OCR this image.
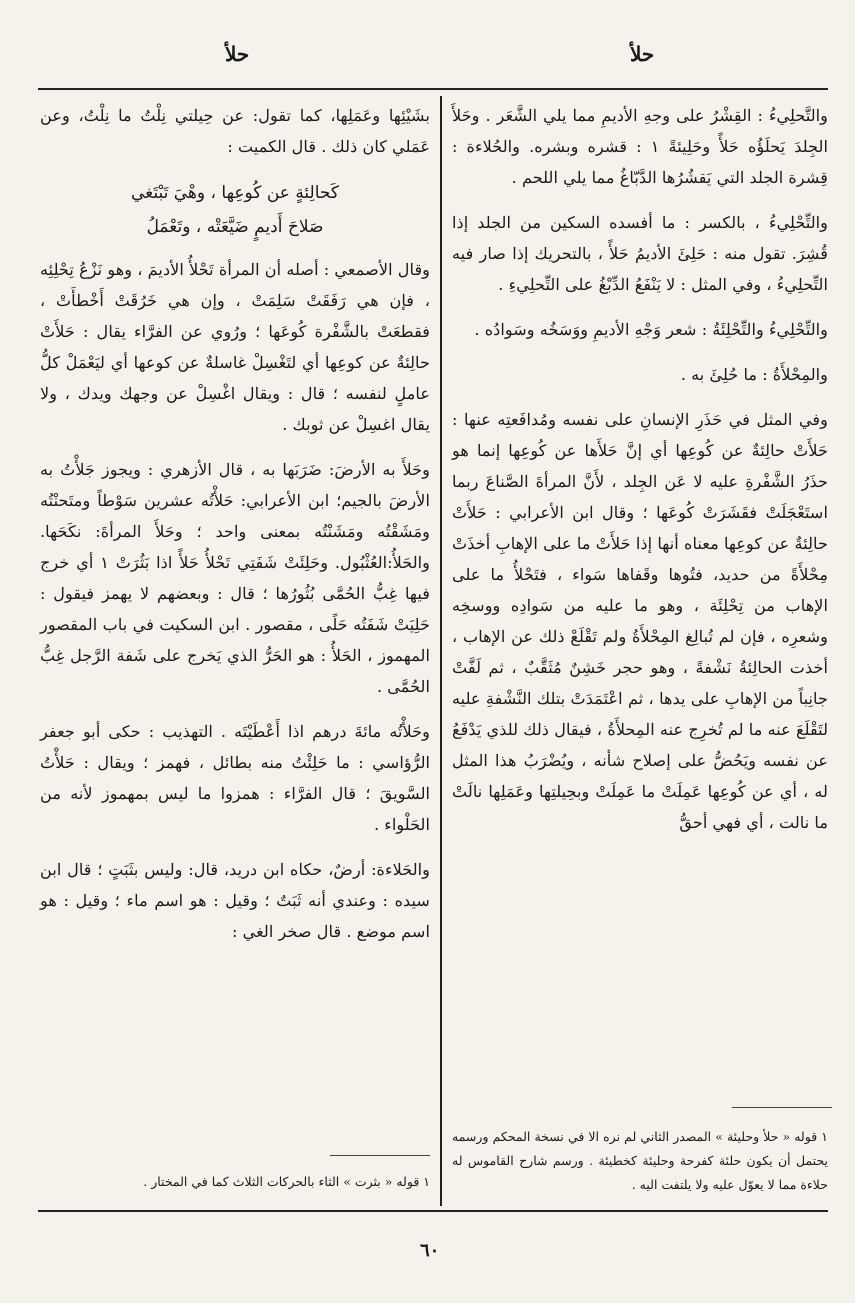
حلأ
حلأ

والتَّحلِيءُ : القِشْرُ على وجهِ الأديمِ مما يلي الشَّعَر . وحَلأَ الجِلدَ يَحلَؤُه حَلأً وحَلِيئةً ١ : قشره وبشره. والحُلاءة : قِشرة الجلد التي يَقشُرُها الدَّبّاغُ مما يلي اللحم .

والتِّحْلِيءُ ، بالكسر : ما أفسده السكين من الجلد إذا قُشِرَ. تقول منه : حَلِئَ الأديمُ حَلأً ، بالتحريك إذا صار فيه التِّحلِيءُ ، وفي المثل : لا يَنْفَعُ الدِّبْغُ على التِّحلِيءِ .

والتِّحْلِيءُ والتِّحْلِئَةُ : شعر وَجْهِ الأديمِ ووَسَخُه وسَوادُه .

والمِحْلأَةُ : ما حُلِئَ به .

وفي المثل في حَذَرِ الإنسانِ على نفسه ومُدافَعتِه عنها : حَلأَتْ حالِئةٌ عن كُوعِها أي إنَّ حَلأَها عن كُوعِها إنما هو حذَرُ الشَّفْرةِ عليه لا عَن الجِلد ، لأَنَّ المرأةَ الصَّناعَ ربما استَعْجَلَتْ فقَشَرَتْ كُوعَها ؛ وقال ابن الأعرابي : حَلأَتْ حالِئةٌ عن كوعِها معناه أنها إذا حَلأَتْ ما على الإهابِ أخذَتْ مِحْلأَةً من حديد، فتُوها وقَفاها سَواء ، فتَحْلأُ ما على الإهاب من تِحْلِئَة ، وهو ما عليه من سَوادِه ووسخِه وشعرِه ، فإن لم تُبالِغ المِحْلأَةُ ولم تَقْلَعْ ذلك عن الإهاب ، أخذت الحالِئةُ نَشْفةً ، وهو حجر خَشِنٌ مُثَقَّبٌ ، ثم لَفَّتْ جانِباً من الإهابِ على يدها ، ثم اعْتَمَدَتْ بتلك النَّشْفةِ عليه لتَقْلَعَ عنه ما لم تُخرِج عنه المِحلأَةُ ، فيقال ذلك للذي يَدْفَعُ عن نفسه ويَحُضُّ على إصلاح شأنه ، ويُضْرَبُ هذا المثل له ، أي عن كُوعِها عَمِلَتْ ما عَمِلَتْ وبحِيلتِها وعَمَلِها نالَتْ ما نالت ، أي فهي أحقُّ

بشَيْئِها وعَمَلِها، كما تقول: عن حِيلتي نِلْتُ ما نِلْتُ، وعن عَمَلي كان ذلك . قال الكميت :

كَحالِئةٍ عن كُوعِها ، وهْيَ تَبْتَغي
صَلاحَ أَديمٍ ضَيَّعَتْه ، وتَعْمَلُ

وقال الأصمعي : أصله أن المرأة تَحْلأُ الأديمَ ، وهو نَزْعُ تِحْلِئِه ، فإن هي رَفَقَتْ سَلِمَتْ ، وإن هي خَرُقَتْ أَخْطأَتْ ، فقطعَتْ بالشَّفْرة كُوعَها ؛ ورُوي عن الفرَّاء يقال : حَلأَتْ حالِئةٌ عن كوعِها أي لتَغْسِلْ غاسلةٌ عن كوعها أي ليَعْمَلْ كلُّ عاملٍ لنفسه ؛ قال : ويقال اغْسِلْ عن وجهك ويدك ، ولا يقال اغسِلْ عن ثوبك .

وحَلأَ به الأرضَ: ضَرَبَها به ، قال الأزهري : ويجوز جَلأْتُ به الأرضَ بالجيم؛ ابن الأعرابي: حَلأْتُه عشرين سَوْطاً ومتَحنْتُه ومَشَقْتُه ومَشَنْتُه بمعنى واحد ؛ وحَلأَ المرأةَ: نكَحَها. والحَلأُ:العُثْبُول. وحَلِئَتْ شَفَتِي تَحْلأُ حَلأً اذا بَثُرَتْ ١ أي خرج فيها غِبُّ الحُمَّى بُثُورُها ؛ قال : وبعضهم لا يهمز فيقول : حَلِيَتْ شَفَتُه حَلًى ، مقصور . ابن السكيت في باب المقصور المهموز ، الحَلأُ : هو الحَرُّ الذي يَخرج على شَفة الرَّجل غِبُّ الحُمَّى .

وحَلأْتُه مائةَ درهم اذا أَعْطَيْتَه . التهذيب : حكى أبو جعفر الرُّؤاسي : ما حَلِئْتُ منه بطائل ، فهمز ؛ ويقال : حَلأْتُ السَّويقَ ؛ قال الفرَّاء : همزوا ما ليس بمهموز لأنه من الحَلْواء .

والحَلاءة: أرضٌ، حكاه ابن دريد، قال: وليس بثَبَتٍ ؛ قال ابن سيده : وعندي أنه ثَبَتٌ ؛ وقيل : هو اسم ماء ؛ وقيل : هو اسم موضع . قال صخر الغي :

١ قوله « حلأ وحليئة » المصدر الثاني لم نره الا في نسخة المحكم ورسمه يحتمل أن يكون حلئة كفرحة وحليئة كخطيئة . ورسم شارح القاموس له حلاءة مما لا يعوّل عليه ولا يلتفت اليه .
١ قوله « بثرت » الثاء بالحركات الثلاث كما في المختار .
٦٠
